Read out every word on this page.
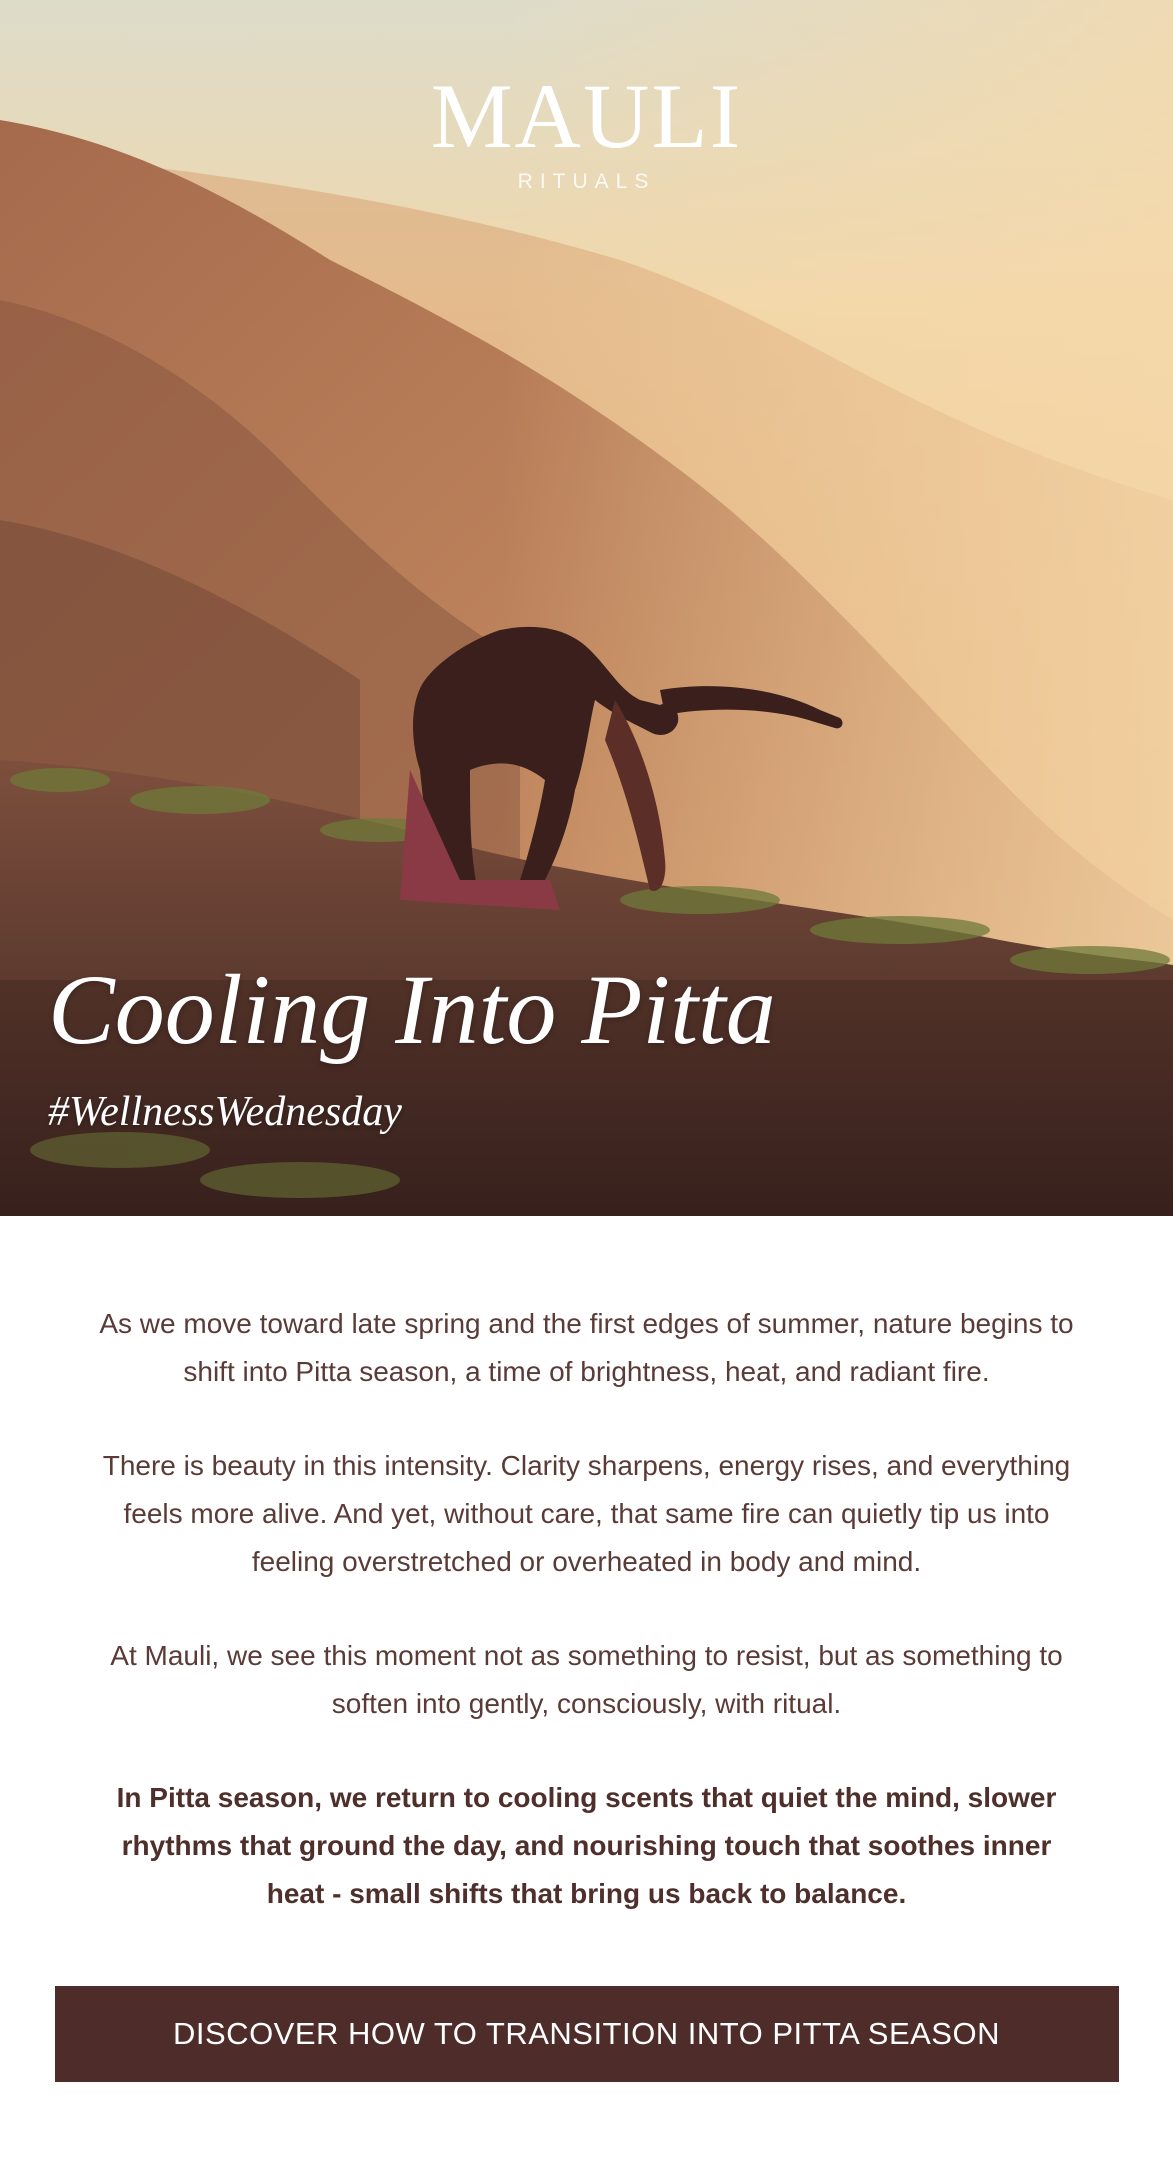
MAULI
RITUALS
Cooling Into Pitta
#WellnessWednesday

As we move toward late spring and the first edges of summer, nature begins to shift into Pitta season, a time of brightness, heat, and radiant fire.

There is beauty in this intensity. Clarity sharpens, energy rises, and everything feels more alive. And yet, without care, that same fire can quietly tip us into feeling overstretched or overheated in body and mind.

At Mauli, we see this moment not as something to resist, but as something to soften into gently, consciously, with ritual.

In Pitta season, we return to cooling scents that quiet the mind, slower rhythms that ground the day, and nourishing touch that soothes inner heat - small shifts that bring us back to balance.

DISCOVER HOW TO TRANSITION INTO PITTA SEASON
